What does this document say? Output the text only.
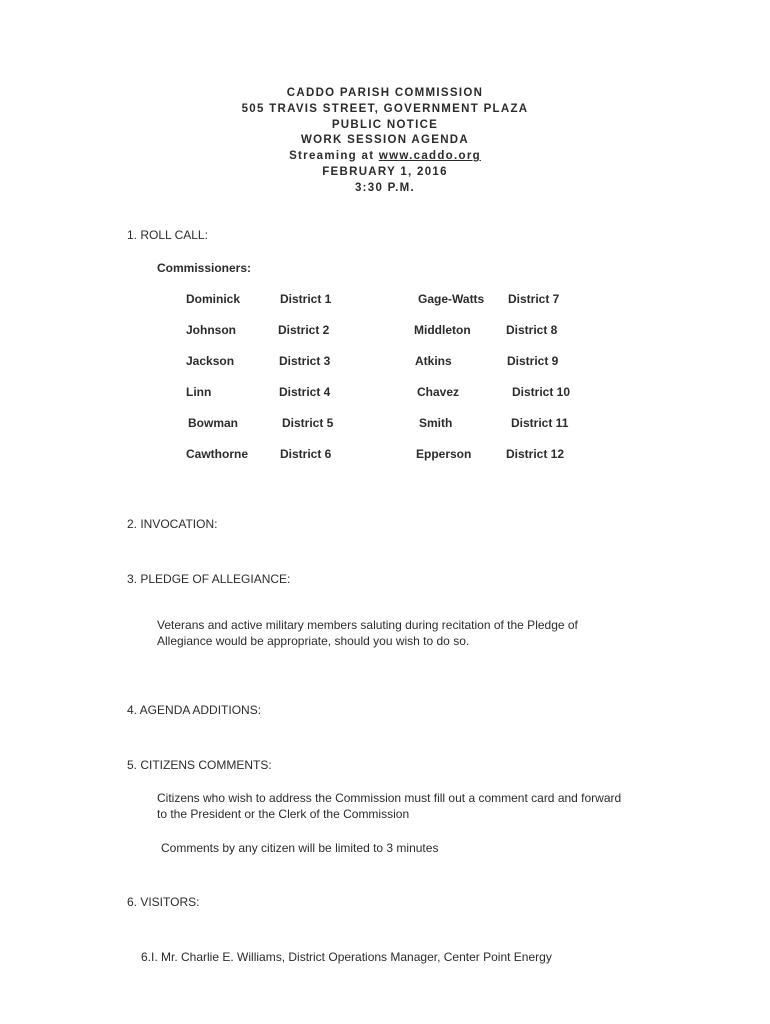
CADDO PARISH COMMISSION
505 TRAVIS STREET, GOVERNMENT PLAZA
PUBLIC NOTICE
WORK SESSION AGENDA
Streaming at www.caddo.org
FEBRUARY 1, 2016
3:30 P.M.
1. ROLL CALL:
Commissioners:
Dominick	District 1	Gage-Watts District 7
Johnson	District 2	Middleton	District 8
Jackson	District 3	Atkins	District 9
Linn	District 4	Chavez	District 10
Bowman	District 5	Smith	District 11
Cawthorne	District 6	Epperson	District 12
2. INVOCATION:
3. PLEDGE OF ALLEGIANCE:
Veterans and active military members saluting during recitation of the Pledge of
Allegiance would be appropriate, should you wish to do so.
4. AGENDA ADDITIONS:
5. CITIZENS COMMENTS:
Citizens who wish to address the Commission must fill out a comment card and forward
to the President or the Clerk of the Commission
Comments by any citizen will be limited to 3 minutes
6. VISITORS:
6.I. Mr. Charlie E. Williams, District Operations Manager, Center Point Energy
